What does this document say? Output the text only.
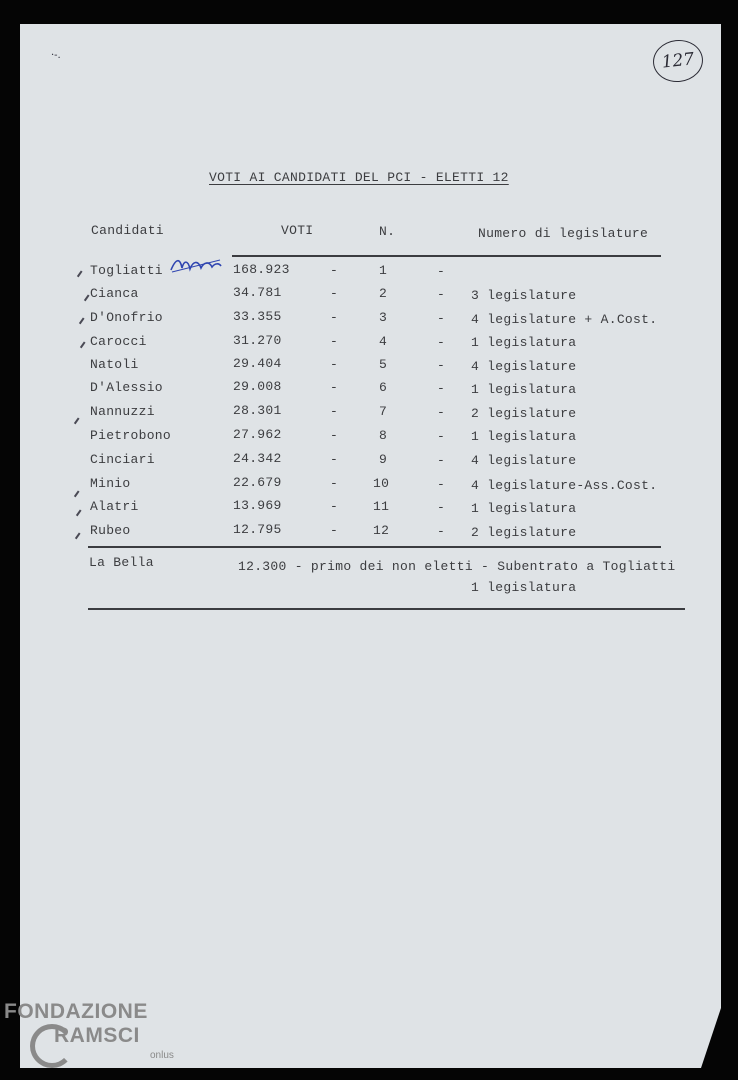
127
·-.
VOTI AI CANDIDATI DEL PCI - ELETTI 12
Candidati	VOTI	N.	Numero di legislature
Togliatti	168.923	-	1	-
Cianca	34.781	-	2	- 3 legislature
D'Onofrio	33.355	-	3	- 4 legislature + A.Cost.
Carocci	31.270	-	4	- 1 legislatura
Natoli	29.404	-	5	- 4 legislature
D'Alessio	29.008	-	6	- 1 legislatura
Nannuzzi	28.301	-	7	- 2 legislature
Pietrobono	27.962	-	8	- 1 legislatura
Cinciari	24.342	-	9	- 4 legislature
Minio	22.679	-	10	- 4 legislature-Ass.Cost.
Alatri	13.969	-	11	- 1 legislatura
Rubeo	12.795	-	12	- 2 legislature
La Bella	12.300 - primo dei non eletti - Subentrato a Togliatti
1 legislatura
FONDAZIONE
RAMSCI
onlus
